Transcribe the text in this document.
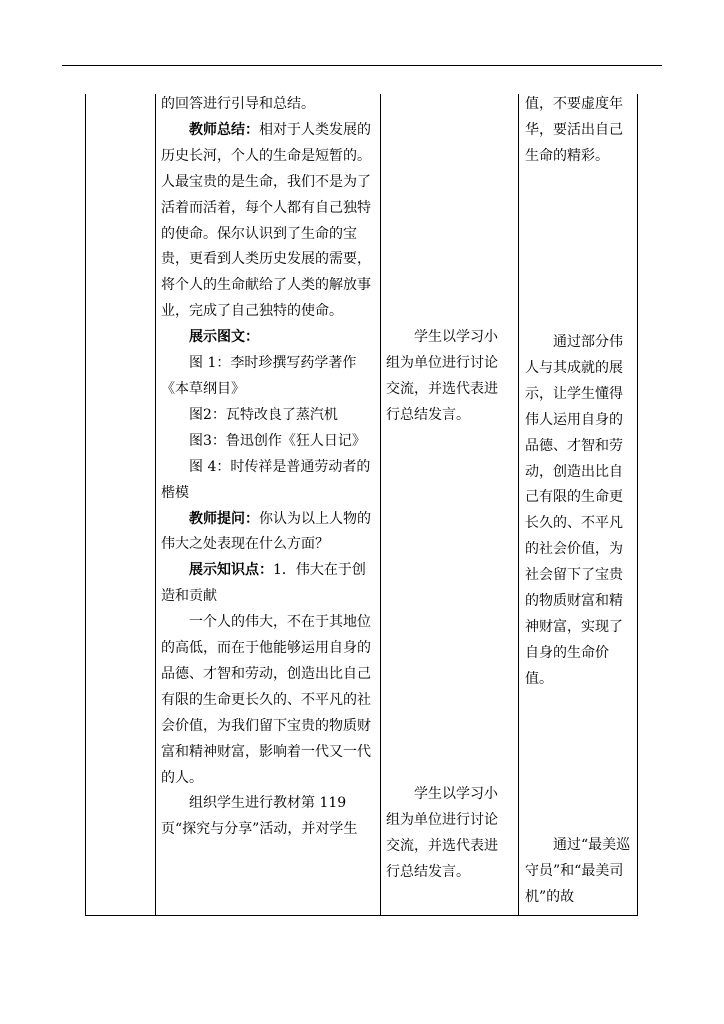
的回答进行引导和总结。

教师总结：相对于人类发展的历史长河，个人的生命是短暂的。人最宝贵的是生命，我们不是为了活着而活着，每个人都有自己独特的使命。保尔认识到了生命的宝贵，更看到人类历史发展的需要，将个人的生命献给了人类的解放事业，完成了自己独特的使命。

展示图文：

图 1：李时珍撰写药学著作《本草纲目》

图2：瓦特改良了蒸汽机

图3：鲁迅创作《狂人日记》

图 4：时传祥是普通劳动者的楷模

教师提问：你认为以上人物的伟大之处表现在什么方面？

展示知识点：1．伟大在于创造和贡献

一个人的伟大，不在于其地位的高低，而在于他能够运用自身的品德、才智和劳动，创造出比自己有限的生命更长久的、不平凡的社会价值，为我们留下宝贵的物质财富和精神财富，影响着一代又一代的人。

组织学生进行教材第 119 页“探究与分享”活动，并对学生

学生以学习小组为单位进行讨论交流，并选代表进行总结发言。

学生以学习小组为单位进行讨论交流，并选代表进行总结发言。

值，不要虚度年华，要活出自己生命的精彩。

通过部分伟人与其成就的展示，让学生懂得伟人运用自身的品德、才智和劳动，创造出比自己有限的生命更长久的、不平凡的社会价值，为社会留下了宝贵的物质财富和精神财富，实现了自身的生命价值。

通过“最美巡守员”和“最美司机”的故
